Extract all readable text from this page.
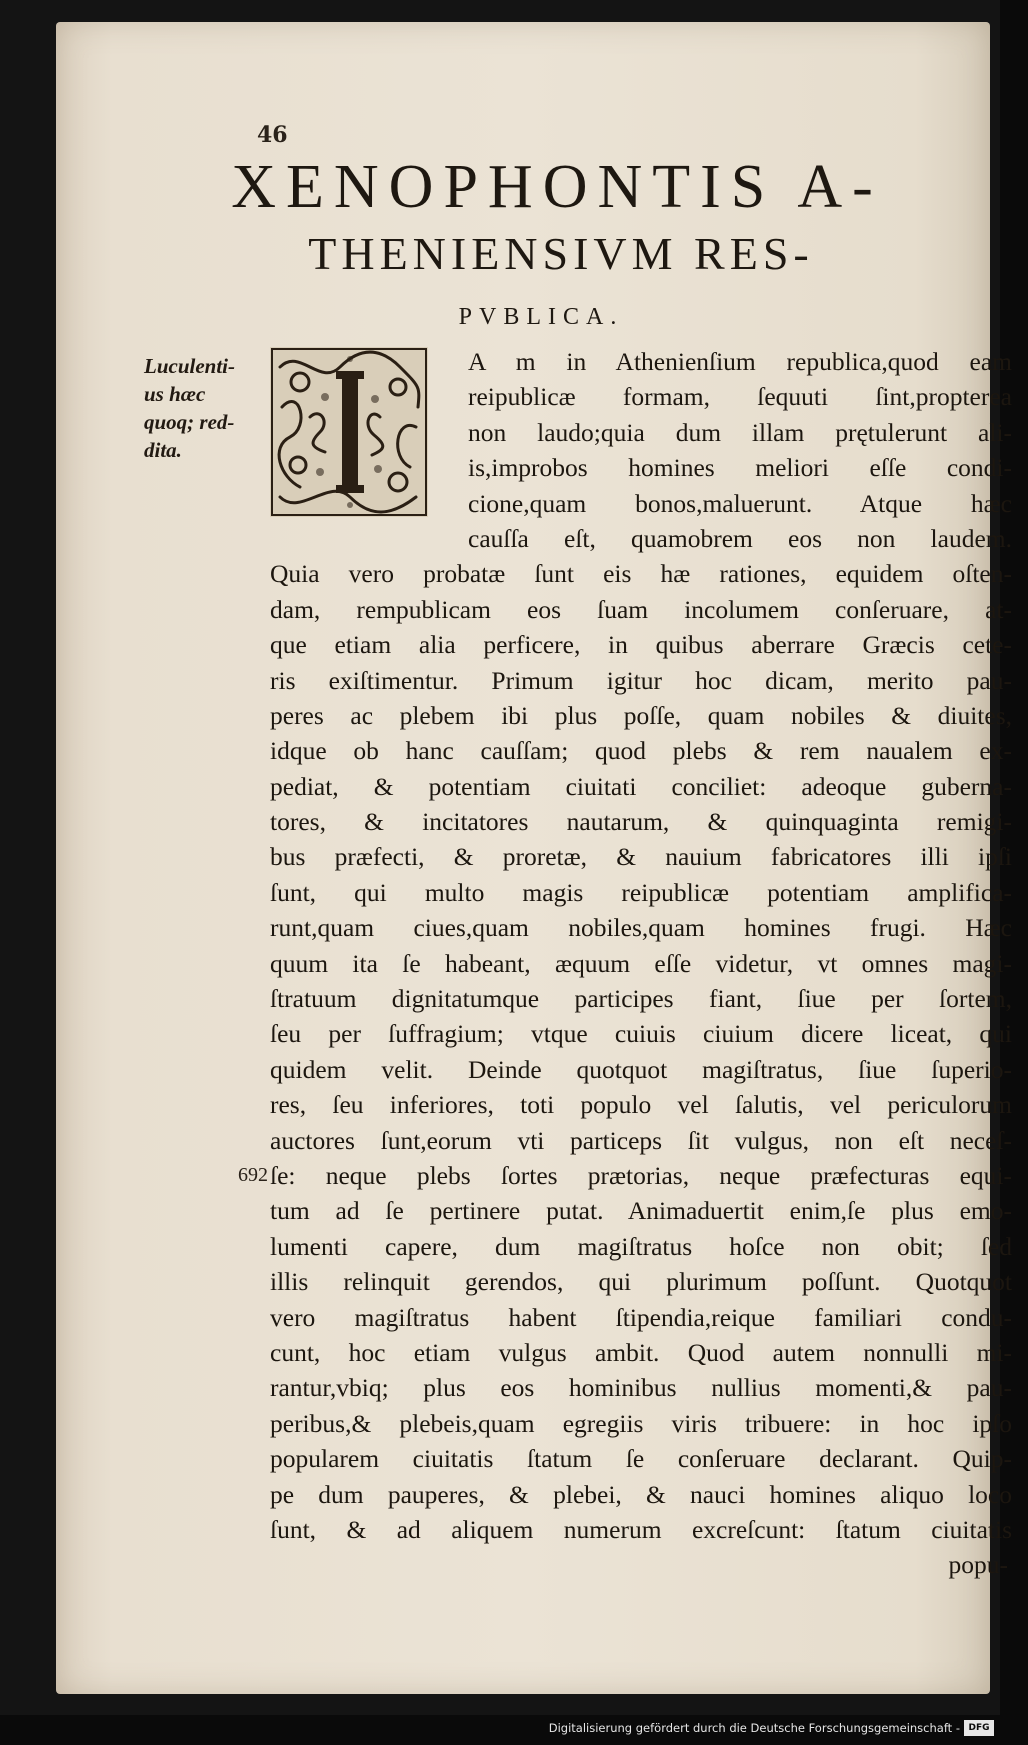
46
XENOPHONTIS A-
THENIENSIVM RES-
PVBLICA.
Luculenti-
us hæc
quoq; red-
dita.
692
A m in Athenienſium republica,quod eam
reipublicæ formam, ſequuti ſint,propterea
non laudo;quia dum illam prętulerunt ali-
is,improbos homines meliori eſſe condi-
cione,quam bonos,maluerunt. Atque hæc
cauſſa eſt, quamobrem eos non laudem.
Quia vero probatæ ſunt eis hæ rationes, equidem oſten-
dam, rempublicam eos ſuam incolumem conſeruare, at-
que etiam alia perficere, in quibus aberrare Græcis cete-
ris exiſtimentur. Primum igitur hoc dicam, merito pau-
peres ac plebem ibi plus poſſe, quam nobiles & diuites,
idque ob hanc cauſſam; quod plebs & rem naualem ex-
pediat, & potentiam ciuitati conciliet: adeoque guberna-
tores, & incitatores nautarum, & quinquaginta remigi-
bus præfecti, & proretæ, & nauium fabricatores illi ipſi
ſunt, qui multo magis reipublicæ potentiam amplifica-
runt,quam ciues,quam nobiles,quam homines frugi. Hæc
quum ita ſe habeant, æquum eſſe videtur, vt omnes magi-
ſtratuum dignitatumque participes fiant, ſiue per ſortem,
ſeu per ſuffragium; vtque cuiuis ciuium dicere liceat, qui
quidem velit. Deinde quotquot magiſtratus, ſiue ſuperio-
res, ſeu inferiores, toti populo vel ſalutis, vel periculorum
auctores ſunt,eorum vti particeps ſit vulgus, non eſt neceſ-
ſe: neque plebs ſortes prætorias, neque præfecturas equi-
tum ad ſe pertinere putat. Animaduertit enim,ſe plus emo-
lumenti capere, dum magiſtratus hoſce non obit; ſed
illis relinquit gerendos, qui plurimum poſſunt. Quotquot
vero magiſtratus habent ſtipendia,reique familiari condu-
cunt, hoc etiam vulgus ambit. Quod autem nonnulli mi-
rantur,vbiq; plus eos hominibus nullius momenti,& pau-
peribus,& plebeis,quam egregiis viris tribuere: in hoc ipſo
popularem ciuitatis ſtatum ſe conſeruare declarant. Quip-
pe dum pauperes, & plebei, & nauci homines aliquo loco
ſunt, & ad aliquem numerum excreſcunt: ſtatum ciuitatis
popu-
Digitalisierung gefördert durch die Deutsche Forschungsgemeinschaft - DFG
